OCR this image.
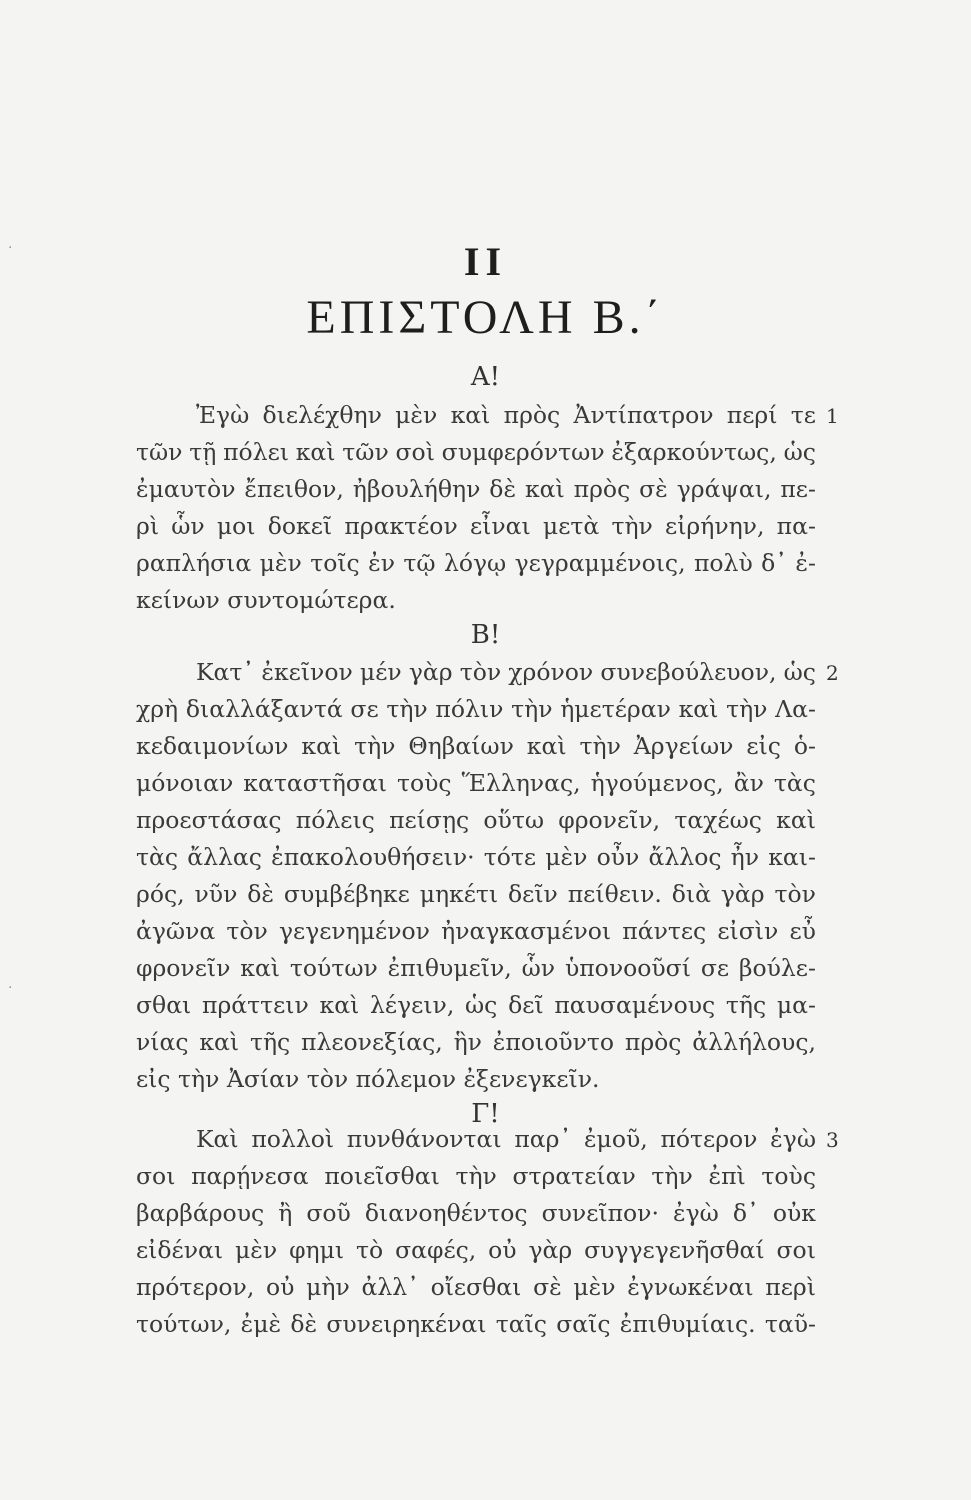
·
·
II
ΕΠΙΣΤΟΛΗ Β.΄
Α!
1
Ἐγὼ διελέχθην μὲν καὶ πρὸς Ἀντίπατρον περί τε
τῶν τῇ πόλει καὶ τῶν σοὶ συμφερόντων ἐξαρκούντως, ὡς
ἐμαυτὸν ἔπειθον, ἠβουλήθην δὲ καὶ πρὸς σὲ γράψαι, πε-
ρὶ ὧν μοι δοκεῖ πρακτέον εἶναι μετὰ τὴν εἰρήνην, πα-
ραπλήσια μὲν τοῖς ἐν τῷ λόγῳ γεγραμμένοις, πολὺ δ᾽ ἐ-
κείνων συντομώτερα.
Β!
2
Κατ᾽ ἐκεῖνον μέν γὰρ τὸν χρόνον συνεβούλευον, ὡς
χρὴ διαλλάξαντά σε τὴν πόλιν τὴν ἡμετέραν καὶ τὴν Λα-
κεδαιμονίων καὶ τὴν Θηβαίων καὶ τὴν Ἀργείων εἰς ὁ-
μόνοιαν καταστῆσαι τοὺς Ἕλληνας, ἡγούμενος, ἂν τὰς
προεστάσας πόλεις πείσῃς οὕτω φρονεῖν, ταχέως καὶ
τὰς ἄλλας ἐπακολουθήσειν· τότε μὲν οὖν ἄλλος ἦν και-
ρός, νῦν δὲ συμβέβηκε μηκέτι δεῖν πείθειν. διὰ γὰρ τὸν
ἀγῶνα τὸν γεγενημένον ἠναγκασμένοι πάντες εἰσὶν εὖ
φρονεῖν καὶ τούτων ἐπιθυμεῖν, ὧν ὑπονοοῦσί σε βούλε-
σθαι πράττειν καὶ λέγειν, ὡς δεῖ παυσαμένους τῆς μα-
νίας καὶ τῆς πλεονεξίας, ἣν ἐποιοῦντο πρὸς ἀλλήλους,
εἰς τὴν Ἀσίαν τὸν πόλεμον ἐξενεγκεῖν.
Γ!
3
Καὶ πολλοὶ πυνθάνονται παρ᾽ ἐμοῦ, πότερον ἐγὼ
σοι παρῄνεσα ποιεῖσθαι τὴν στρατείαν τὴν ἐπὶ τοὺς
βαρβάρους ἢ σοῦ διανοηθέντος συνεῖπον· ἐγὼ δ᾽ οὐκ
εἰδέναι μὲν φημι τὸ σαφές, οὐ γὰρ συγγεγενῆσθαί σοι
πρότερον, οὐ μὴν ἀλλ᾽ οἴεσθαι σὲ μὲν ἐγνωκέναι περὶ
τούτων, ἐμὲ δὲ συνειρηκέναι ταῖς σαῖς ἐπιθυμίαις. ταῦ-
